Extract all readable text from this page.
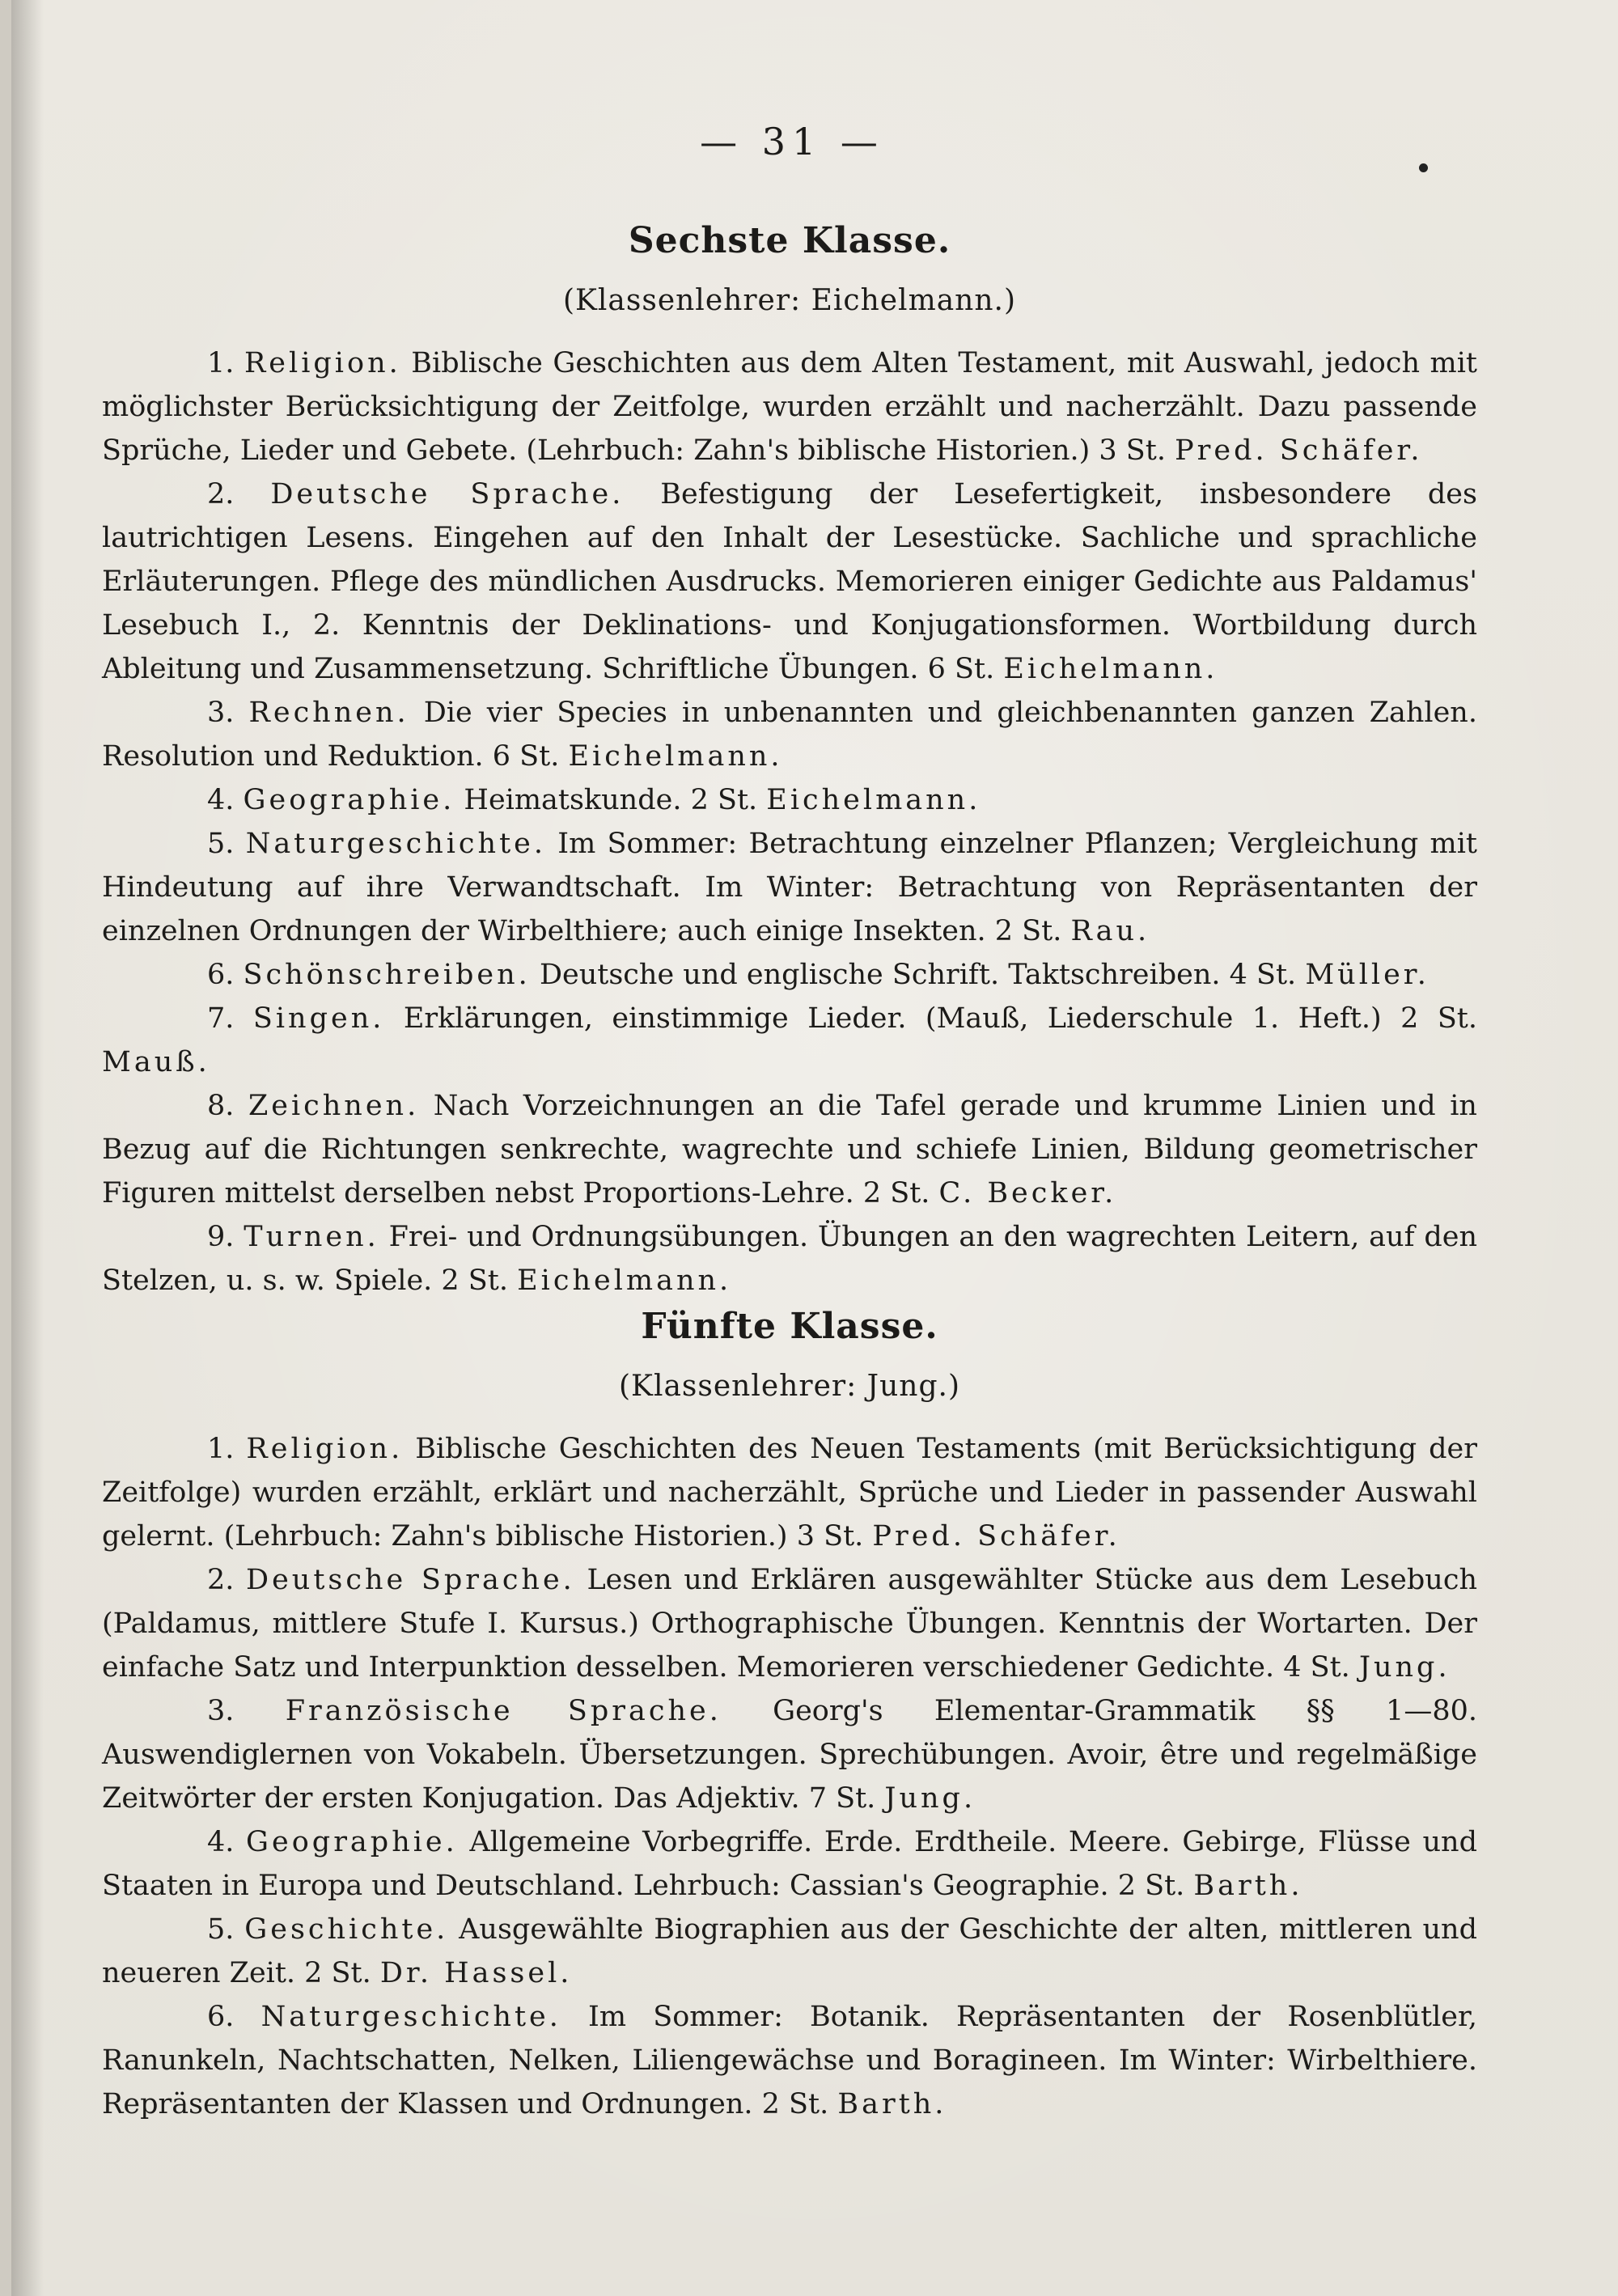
— 31 —
Sechste Klasse.
(Klassenlehrer: Eichelmann.)

1. Religion. Biblische Geschichten aus dem Alten Testament, mit Auswahl, jedoch mit möglichster Berücksichtigung der Zeitfolge, wurden erzählt und nacherzählt. Dazu passende Sprüche, Lieder und Gebete. (Lehrbuch: Zahn's biblische Historien.) 3 St. Pred. Schäfer.

2. Deutsche Sprache. Befestigung der Lesefertigkeit, insbesondere des lautrichtigen Lesens. Eingehen auf den Inhalt der Lesestücke. Sachliche und sprachliche Erläuterungen. Pflege des mündlichen Ausdrucks. Memorieren einiger Gedichte aus Paldamus' Lesebuch I., 2. Kenntnis der Deklinations- und Konjugationsformen. Wortbildung durch Ableitung und Zusammensetzung. Schriftliche Übungen. 6 St. Eichelmann.

3. Rechnen. Die vier Species in unbenannten und gleichbenannten ganzen Zahlen. Resolution und Reduktion. 6 St. Eichelmann.

4. Geographie. Heimatskunde. 2 St. Eichelmann.

5. Naturgeschichte. Im Sommer: Betrachtung einzelner Pflanzen; Vergleichung mit Hindeutung auf ihre Verwandtschaft. Im Winter: Betrachtung von Repräsentanten der einzelnen Ordnungen der Wirbelthiere; auch einige Insekten. 2 St. Rau.

6. Schönschreiben. Deutsche und englische Schrift. Taktschreiben. 4 St. Müller.

7. Singen. Erklärungen, einstimmige Lieder. (Mauß, Liederschule 1. Heft.) 2 St. Mauß.

8. Zeichnen. Nach Vorzeichnungen an die Tafel gerade und krumme Linien und in Bezug auf die Richtungen senkrechte, wagrechte und schiefe Linien, Bildung geometrischer Figuren mittelst derselben nebst Proportions-Lehre. 2 St. C. Becker.

9. Turnen. Frei- und Ordnungsübungen. Übungen an den wagrechten Leitern, auf den Stelzen, u. s. w. Spiele. 2 St. Eichelmann.

Fünfte Klasse.
(Klassenlehrer: Jung.)

1. Religion. Biblische Geschichten des Neuen Testaments (mit Berücksichtigung der Zeitfolge) wurden erzählt, erklärt und nacherzählt, Sprüche und Lieder in passender Auswahl gelernt. (Lehrbuch: Zahn's biblische Historien.) 3 St. Pred. Schäfer.

2. Deutsche Sprache. Lesen und Erklären ausgewählter Stücke aus dem Lesebuch (Paldamus, mittlere Stufe I. Kursus.) Orthographische Übungen. Kenntnis der Wortarten. Der einfache Satz und Interpunktion desselben. Memorieren verschiedener Gedichte. 4 St. Jung.

3. Französische Sprache. Georg's Elementar-Grammatik §§ 1—80. Auswendiglernen von Vokabeln. Übersetzungen. Sprechübungen. Avoir, être und regelmäßige Zeitwörter der ersten Konjugation. Das Adjektiv. 7 St. Jung.

4. Geographie. Allgemeine Vorbegriffe. Erde. Erdtheile. Meere. Gebirge, Flüsse und Staaten in Europa und Deutschland. Lehrbuch: Cassian's Geographie. 2 St. Barth.

5. Geschichte. Ausgewählte Biographien aus der Geschichte der alten, mittleren und neueren Zeit. 2 St. Dr. Hassel.

6. Naturgeschichte. Im Sommer: Botanik. Repräsentanten der Rosenblütler, Ranunkeln, Nachtschatten, Nelken, Liliengewächse und Boragineen. Im Winter: Wirbelthiere. Repräsentanten der Klassen und Ordnungen. 2 St. Barth.
